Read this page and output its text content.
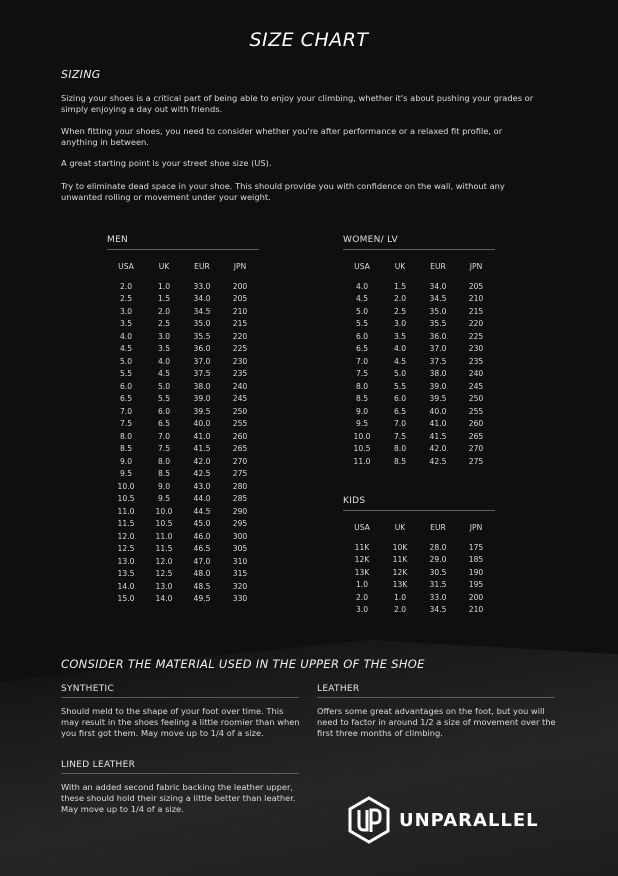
SIZE CHART
SIZING
Sizing your shoes is a critical part of being able to enjoy your climbing, whether it's about pushing your grades or simply enjoying a day out with friends.
When fitting your shoes, you need to consider whether you're after performance or a relaxed fit profile, or anything in between.
A great starting point is your street shoe size (US).
Try to eliminate dead space in your shoe. This should provide you with confidence on the wall, without any unwanted rolling or movement under your weight.
MEN
USA	UK	EUR	JPN
2.0	1.0	33.0	200
2.5	1.5	34.0	205
3.0	2.0	34.5	210
3.5	2.5	35.0	215
4.0	3.0	35.5	220
4.5	3.5	36.0	225
5.0	4.0	37.0	230
5.5	4.5	37.5	235
6.0	5.0	38.0	240
6.5	5.5	39.0	245
7.0	6.0	39.5	250
7.5	6.5	40.0	255
8.0	7.0	41.0	260
8.5	7.5	41.5	265
9.0	8.0	42.0	270
9.5	8.5	42.5	275
10.0	9.0	43.0	280
10.5	9.5	44.0	285
11.0	10.0	44.5	290
11.5	10.5	45.0	295
12.0	11.0	46.0	300
12.5	11.5	46.5	305
13.0	12.0	47.0	310
13.5	12.5	48.0	315
14.0	13.0	48.5	320
15.0	14.0	49.5	330
WOMEN/ LV
USA	UK	EUR	JPN
4.0	1.5	34.0	205
4.5	2.0	34.5	210
5.0	2.5	35.0	215
5.5	3.0	35.5	220
6.0	3.5	36.0	225
6.5	4.0	37.0	230
7.0	4.5	37.5	235
7.5	5.0	38.0	240
8.0	5.5	39.0	245
8.5	6.0	39.5	250
9.0	6.5	40.0	255
9.5	7.0	41.0	260
10.0	7.5	41.5	265
10.5	8.0	42.0	270
11.0	8.5	42.5	275
KIDS
USA	UK	EUR	JPN
11K	10K	28.0	175
12K	11K	29.0	185
13K	12K	30.5	190
1.0	13K	31.5	195
2.0	1.0	33.0	200
3.0	2.0	34.5	210
CONSIDER THE MATERIAL USED IN THE UPPER OF THE SHOE
SYNTHETIC
Should meld to the shape of your foot over time. This may result in the shoes feeling a little roomier than when you first got them. May move up to 1/4 of a size.
LEATHER
Offers some great advantages on the foot, but you will need to factor in around 1/2 a size of movement over the first three months of climbing.
LINED LEATHER
With an added second fabric backing the leather upper, these should hold their sizing a little better than leather. May move up to 1/4 of a size.
UNPARALLEL
